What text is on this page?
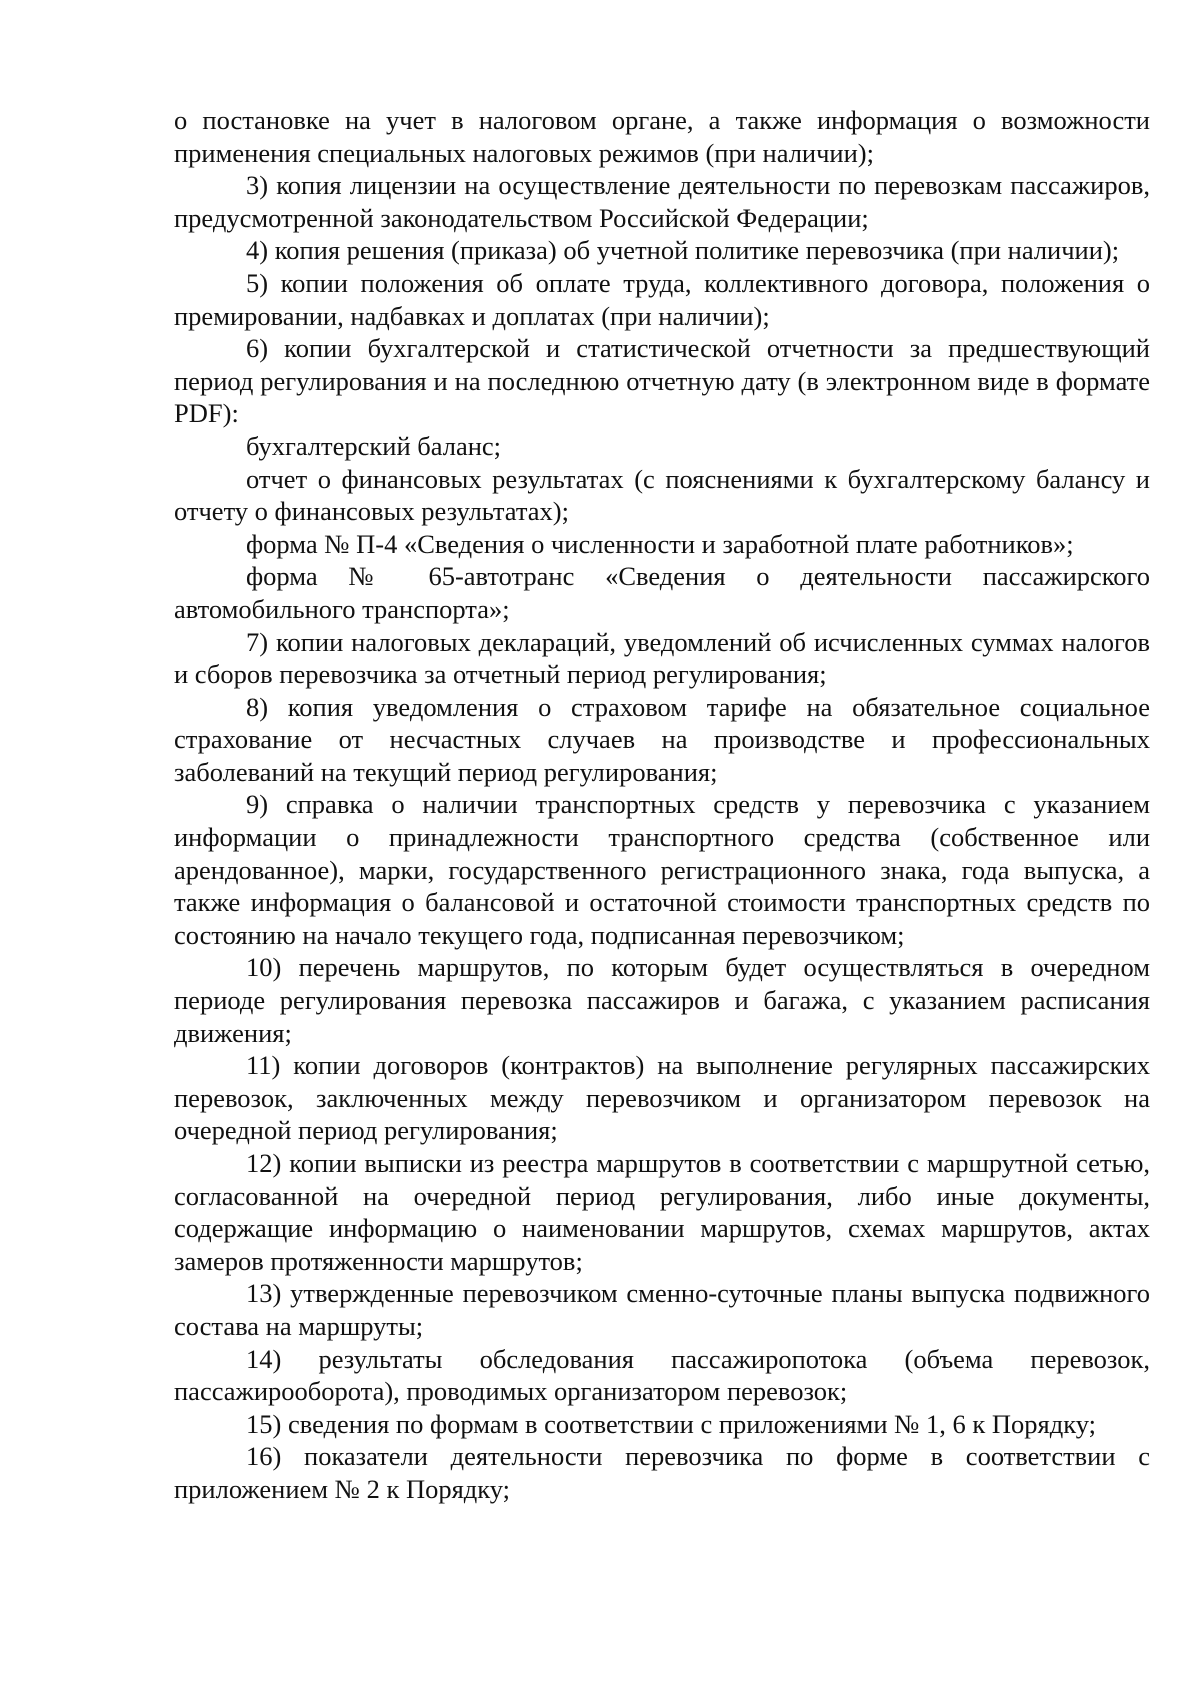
о постановке на учет в налоговом органе, а также информация о возможности применения специальных налоговых режимов (при наличии);

3) копия лицензии на осуществление деятельности по перевозкам пассажиров, предусмотренной законодательством Российской Федерации;

4) копия решения (приказа) об учетной политике перевозчика (при наличии);

5) копии положения об оплате труда, коллективного договора, положения о премировании, надбавках и доплатах (при наличии);

6) копии бухгалтерской и статистической отчетности за предшествующий период регулирования и на последнюю отчетную дату (в электронном виде в формате PDF):

бухгалтерский баланс;

отчет о финансовых результатах (с пояснениями к бухгалтерскому балансу и отчету о финансовых результатах);

форма № П-4 «Сведения о численности и заработной плате работников»;

форма № 65-автотранс «Сведения о деятельности пассажирского автомобильного транспорта»;

7) копии налоговых деклараций, уведомлений об исчисленных суммах налогов и сборов перевозчика за отчетный период регулирования;

8) копия уведомления о страховом тарифе на обязательное социальное страхование от несчастных случаев на производстве и профессиональных заболеваний на текущий период регулирования;

9) справка о наличии транспортных средств у перевозчика с указанием информации о принадлежности транспортного средства (собственное или арендованное), марки, государственного регистрационного знака, года выпуска, а также информация о балансовой и остаточной стоимости транспортных средств по состоянию на начало текущего года, подписанная перевозчиком;

10) перечень маршрутов, по которым будет осуществляться в очередном периоде регулирования перевозка пассажиров и багажа, с указанием расписания движения;

11) копии договоров (контрактов) на выполнение регулярных пассажирских перевозок, заключенных между перевозчиком и организатором перевозок на очередной период регулирования;

12) копии выписки из реестра маршрутов в соответствии с маршрутной сетью, согласованной на очередной период регулирования, либо иные документы, содержащие информацию о наименовании маршрутов, схемах маршрутов, актах замеров протяженности маршрутов;

13) утвержденные перевозчиком сменно-суточные планы выпуска подвижного состава на маршруты;

14) результаты обследования пассажиропотока (объема перевозок, пассажирооборота), проводимых организатором перевозок;

15) сведения по формам в соответствии с приложениями № 1, 6 к Порядку;

16) показатели деятельности перевозчика по форме в соответствии с приложением № 2 к Порядку;
